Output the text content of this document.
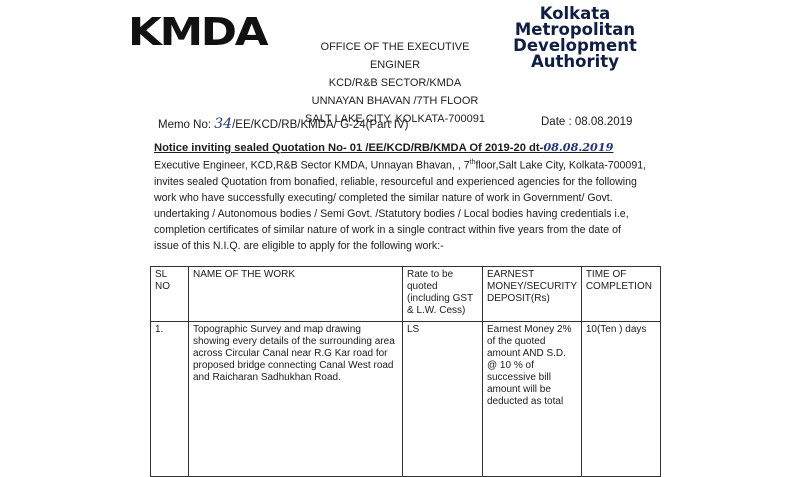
KMDA	Kolkata
Metropolitan
Development
Authority
OFFICE OF THE EXECUTIVE ENGINER
KCD/R&B SECTOR/KMDA
UNNAYAN BHAVAN /7TH FLOOR
SALT LAKE CITY, KOLKATA-700091
Memo No: 34/EE/KCD/RB/KMDA/ G-24(Part IV)	Date : 08.08.2019
Notice inviting sealed Quotation No- 01 /EE/KCD/RB/KMDA Of 2019-20 dt-08.08.2019
Executive Engineer, KCD,R&B Sector KMDA, Unnayan Bhavan, , 7thfloor,Salt Lake City, Kolkata-700091,
invites sealed Quotation from bonafied, reliable, resourceful and experienced agencies for the following
work who have successfully executing/ completed the similar nature of work in Government/ Govt.
undertaking / Autonomous bodies / Semi Govt. /Statutory bodies / Local bodies having credentials i.e,
completion certificates of similar nature of work in a single contract within five years from the date of
issue of this N.I.Q. are eligible to apply for the following work:-
SL NO	NAME OF THE WORK	Rate to be quoted (including GST & L.W. Cess)	EARNEST MONEY/SECURITY DEPOSIT(Rs)	TIME OF COMPLETION
1.	Topographic Survey and map drawing showing every details of the surrounding area across Circular Canal near R.G Kar road for proposed bridge connecting Canal West road and Raicharan Sadhukhan Road.	LS	Earnest Money 2% of the quoted amount AND S.D. @ 10 % of successive bill amount will be deducted as total	10(Ten ) days
